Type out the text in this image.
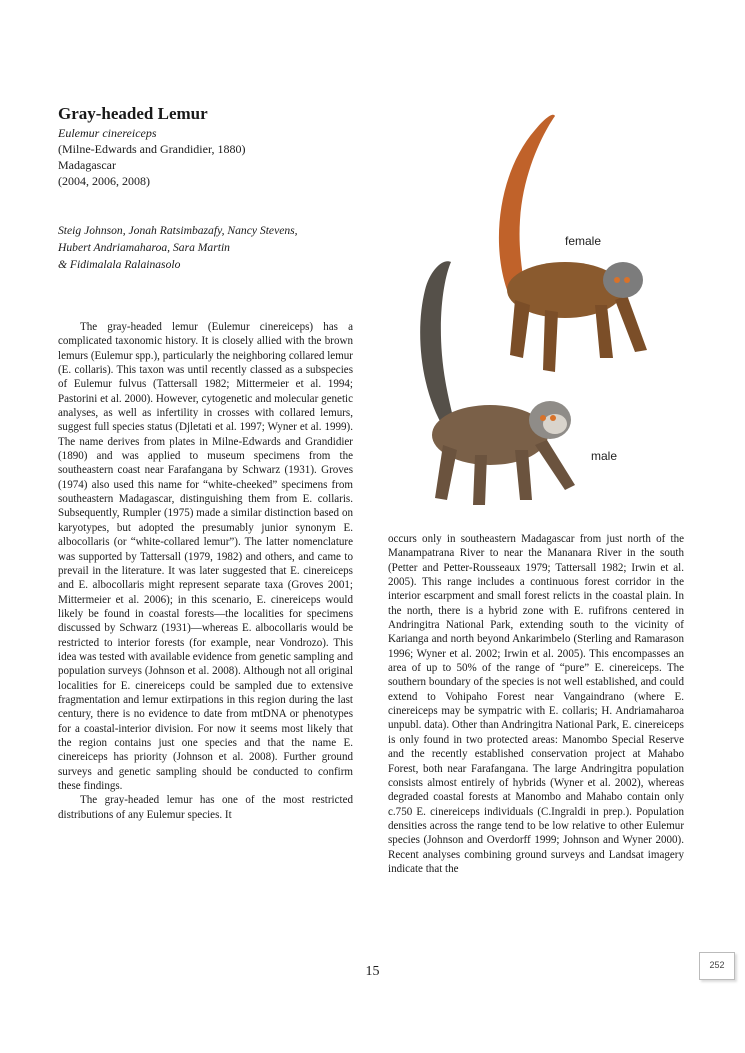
Gray-headed Lemur
Eulemur cinereiceps
(Milne-Edwards and Grandidier, 1880)
Madagascar
(2004, 2006, 2008)
Steig Johnson, Jonah Ratsimbazafy, Nancy Stevens,
Hubert Andriamaharoa, Sara Martin
& Fidimalala Ralainasolo
female
male

The gray-headed lemur (Eulemur cinereiceps) has a complicated taxonomic history. It is closely allied with the brown lemurs (Eulemur spp.), particularly the neighboring collared lemur (E. collaris). This taxon was until recently classed as a subspecies of Eulemur fulvus (Tattersall 1982; Mittermeier et al. 1994; Pastorini et al. 2000). However, cytogenetic and molecular genetic analyses, as well as infertility in crosses with collared lemurs, suggest full species status (Djletati et al. 1997; Wyner et al. 1999). The name derives from plates in Milne-Edwards and Grandidier (1890) and was applied to museum specimens from the southeastern coast near Farafangana by Schwarz (1931). Groves (1974) also used this name for “white-cheeked” specimens from southeastern Madagascar, distinguishing them from E. collaris. Subsequently, Rumpler (1975) made a similar distinction based on karyotypes, but adopted the presumably junior synonym E. albocollaris (or “white-collared lemur”). The latter nomenclature was supported by Tattersall (1979, 1982) and others, and came to prevail in the literature. It was later suggested that E. cinereiceps and E. albocollaris might represent separate taxa (Groves 2001; Mittermeier et al. 2006); in this scenario, E. cinereiceps would likely be found in coastal forests—the localities for specimens discussed by Schwarz (1931)—whereas E. albocollaris would be restricted to interior forests (for example, near Vondrozo). This idea was tested with available evidence from genetic sampling and population surveys (Johnson et al. 2008). Although not all original localities for E. cinereiceps could be sampled due to extensive fragmentation and lemur extirpations in this region during the last century, there is no evidence to date from mtDNA or phenotypes for a coastal-interior division. For now it seems most likely that the region contains just one species and that the name E. cinereiceps has priority (Johnson et al. 2008). Further ground surveys and genetic sampling should be conducted to confirm these findings.

The gray-headed lemur has one of the most restricted distributions of any Eulemur species. It

occurs only in southeastern Madagascar from just north of the Manampatrana River to near the Mananara River in the south (Petter and Petter-Rousseaux 1979; Tattersall 1982; Irwin et al. 2005). This range includes a continuous forest corridor in the interior escarpment and small forest relicts in the coastal plain. In the north, there is a hybrid zone with E. rufifrons centered in Andringitra National Park, extending south to the vicinity of Karianga and north beyond Ankarimbelo (Sterling and Ramarason 1996; Wyner et al. 2002; Irwin et al. 2005). This encompasses an area of up to 50% of the range of “pure” E. cinereiceps. The southern boundary of the species is not well established, and could extend to Vohipaho Forest near Vangaindrano (where E. cinereiceps may be sympatric with E. collaris; H. Andriamaharoa unpubl. data). Other than Andringitra National Park, E. cinereiceps is only found in two protected areas: Manombo Special Reserve and the recently established conservation project at Mahabo Forest, both near Farafangana. The large Andringitra population consists almost entirely of hybrids (Wyner et al. 2002), whereas degraded coastal forests at Manombo and Mahabo contain only c.750 E. cinereiceps individuals (C.Ingraldi in prep.). Population densities across the range tend to be low relative to other Eulemur species (Johnson and Overdorff 1999; Johnson and Wyner 2000). Recent analyses combining ground surveys and Landsat imagery indicate that the

15	252
